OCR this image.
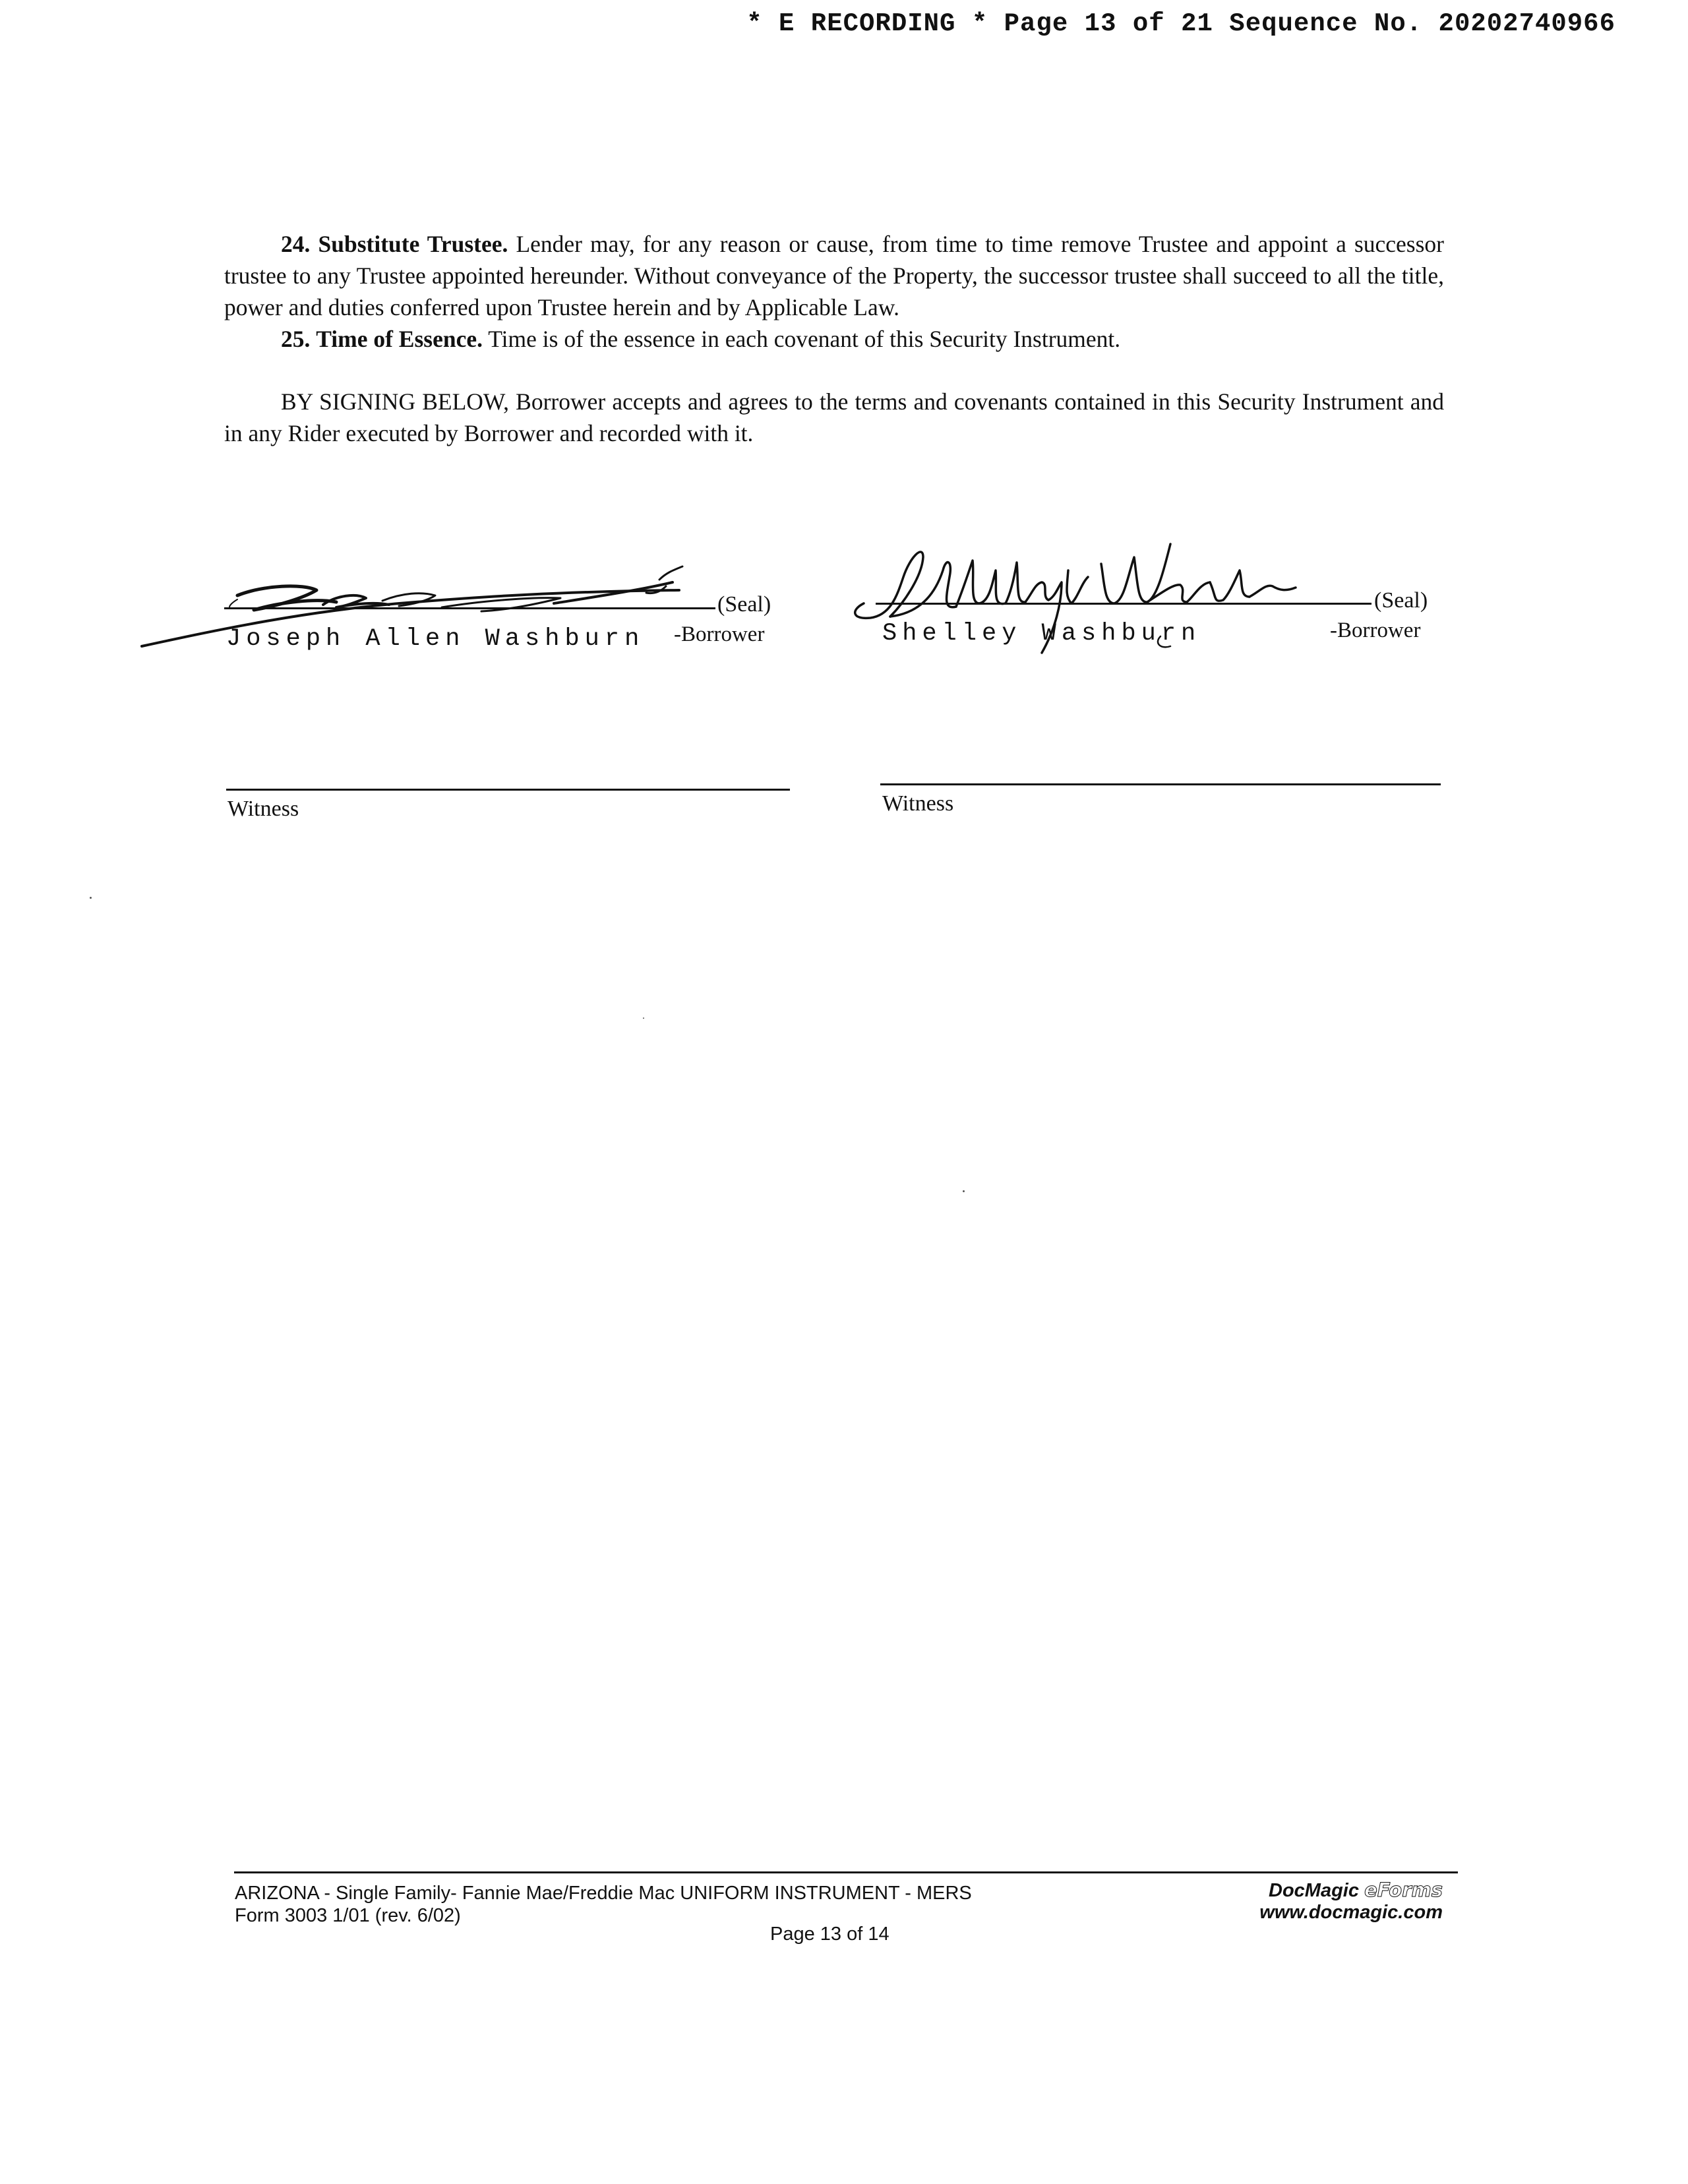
* E RECORDING * Page 13 of 21 Sequence No. 20202740966

24. Substitute Trustee. Lender may, for any reason or cause, from time to time remove Trustee and appoint a successor trustee to any Trustee appointed hereunder. Without conveyance of the Property, the successor trustee shall succeed to all the title, power and duties conferred upon Trustee herein and by Applicable Law.

25. Time of Essence. Time is of the essence in each covenant of this Security Instrument.

BY SIGNING BELOW, Borrower accepts and agrees to the terms and covenants contained in this Security Instrument and in any Rider executed by Borrower and recorded with it.

(Seal)
Joseph Allen Washburn -Borrower
(Seal)
Shelley Washburn	-Borrower
Witness	Witness
ARIZONA - Single Family- Fannie Mae/Freddie Mac UNIFORM INSTRUMENT - MERS
Form 3003 1/01 (rev. 6/02)
Page 13 of 14
DocMagic eForms
www.docmagic.com
